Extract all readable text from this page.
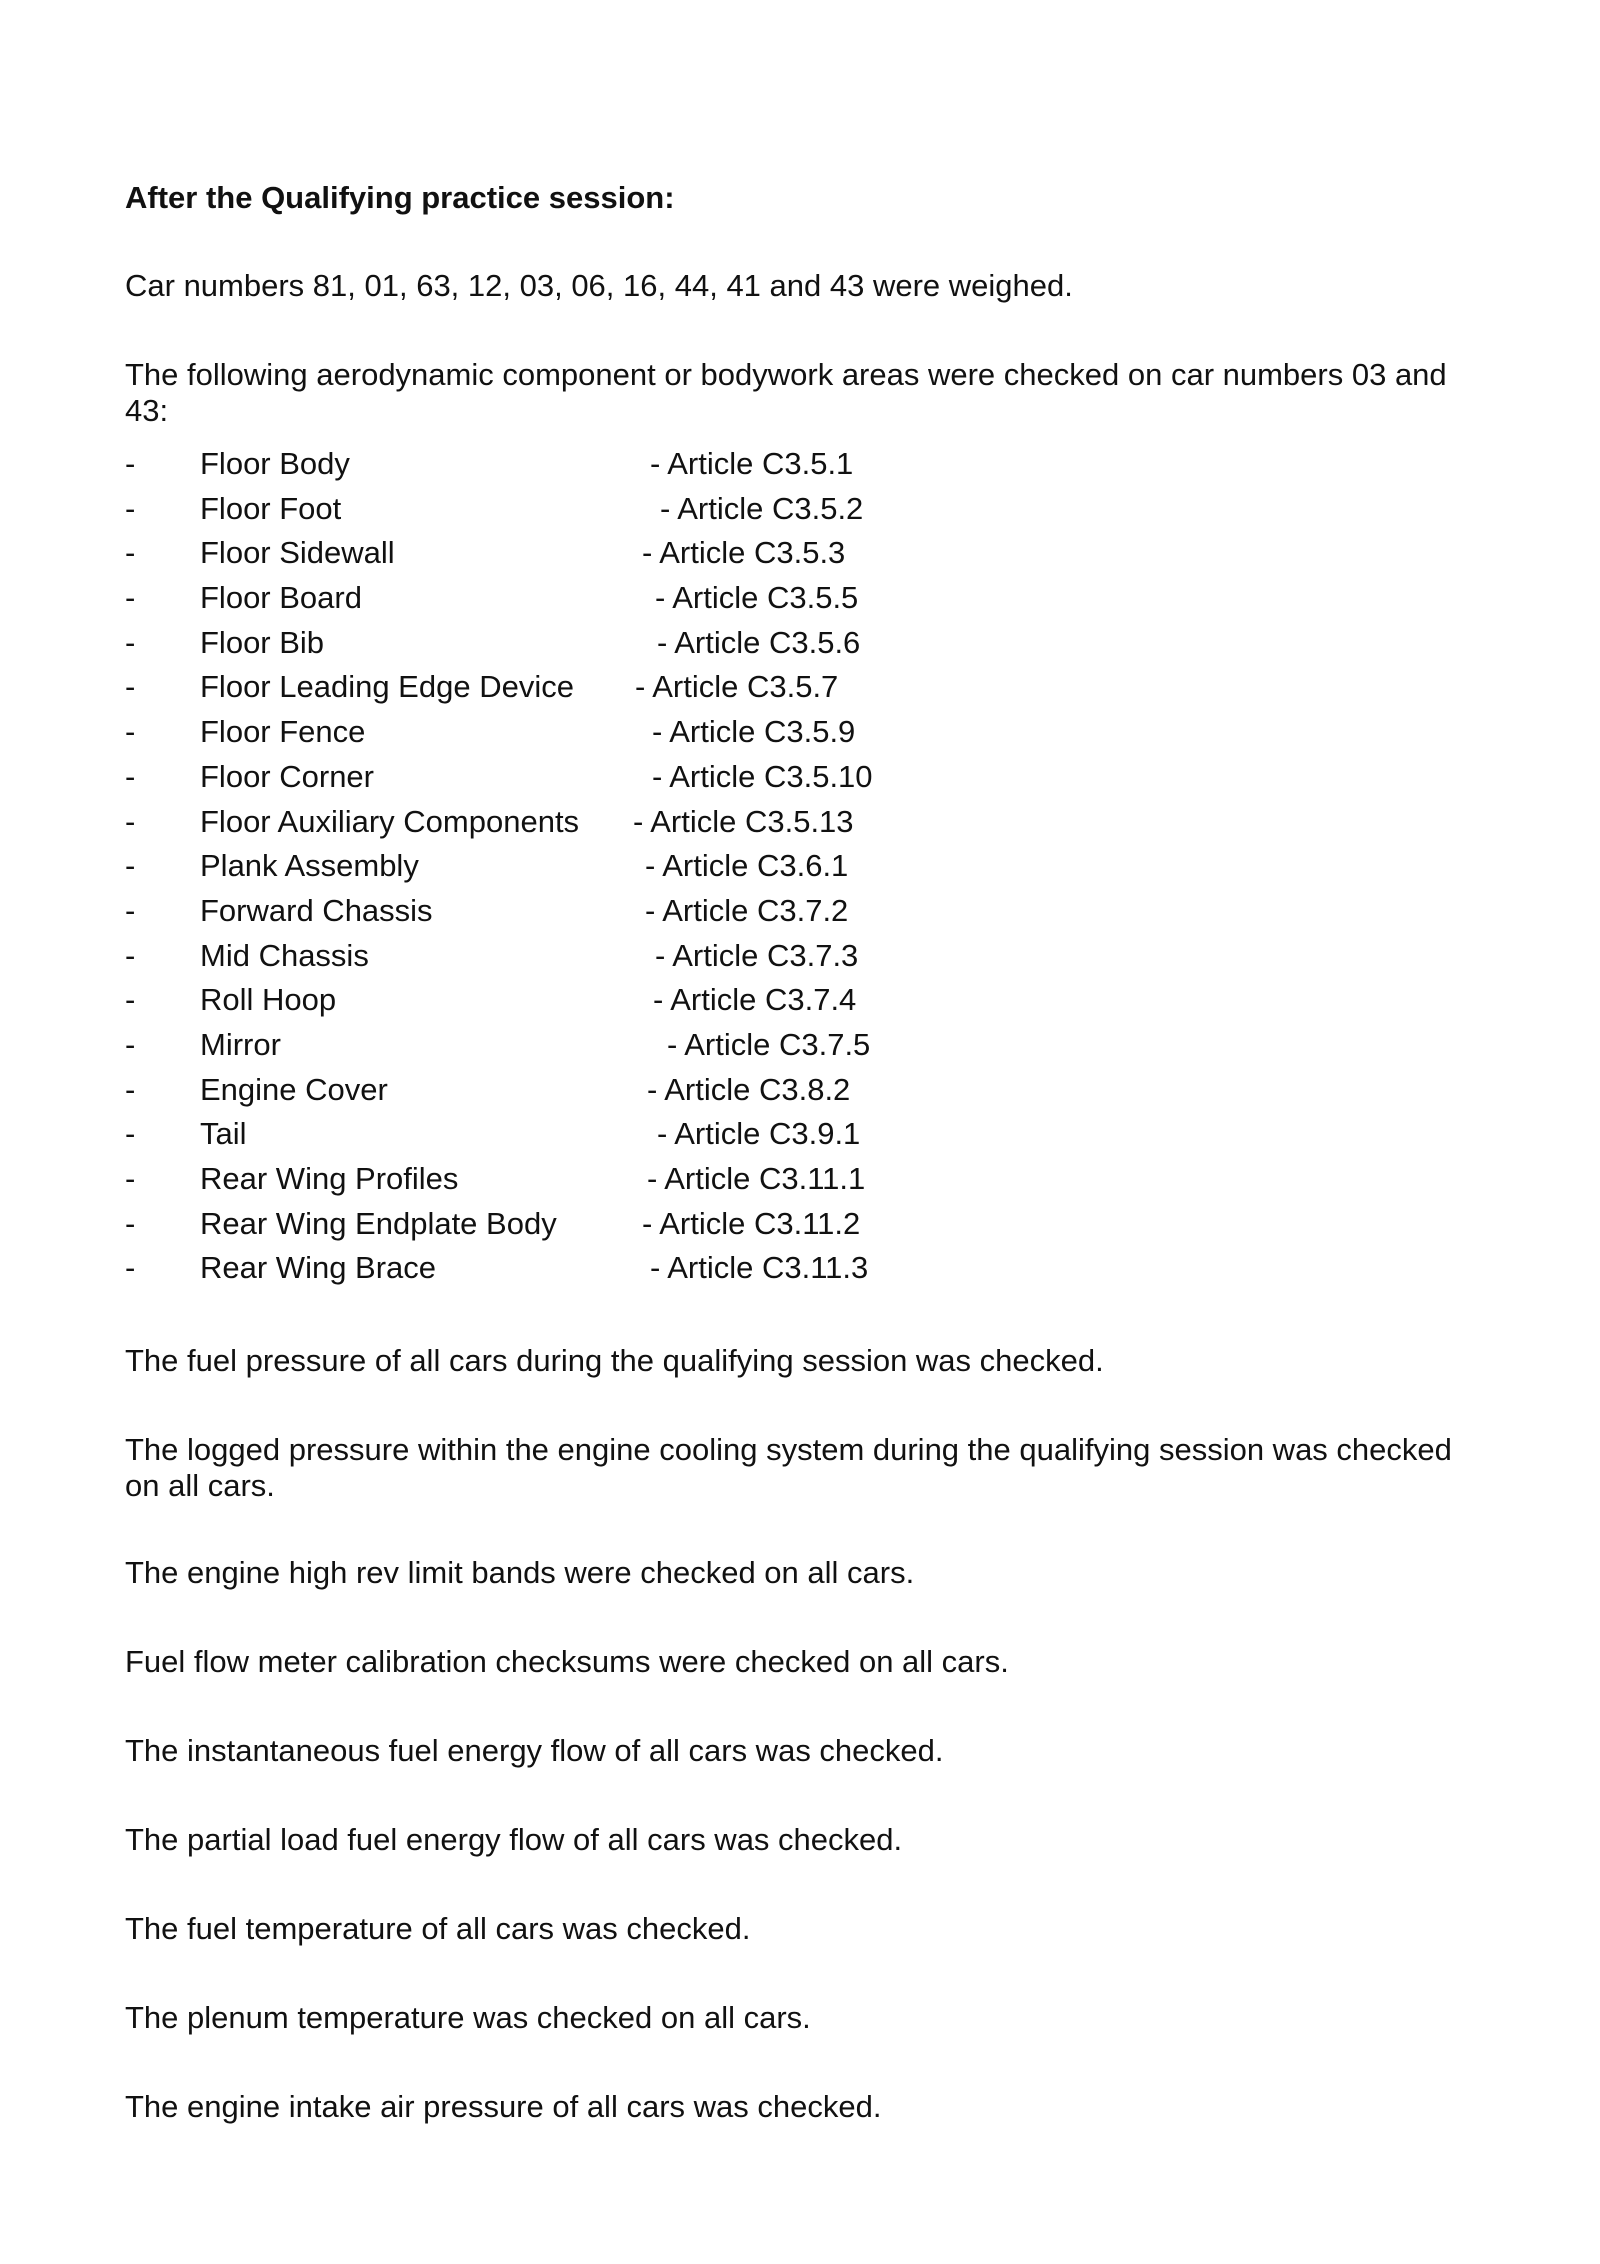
After the Qualifying practice session:

Car numbers 81, 01, 63, 12, 03, 06, 16, 44, 41 and 43 were weighed.

The following aerodynamic component or bodywork areas were checked on car numbers 03 and 43:

- Floor Body	- Article C3.5.1
- Floor Foot	- Article C3.5.2
- Floor Sidewall	- Article C3.5.3
- Floor Board	- Article C3.5.5
- Floor Bib	- Article C3.5.6
- Floor Leading Edge Device - Article C3.5.7
- Floor Fence	- Article C3.5.9
- Floor Corner	- Article C3.5.10
- Floor Auxiliary Components - Article C3.5.13
- Plank Assembly	- Article C3.6.1
- Forward Chassis	- Article C3.7.2
- Mid Chassis	- Article C3.7.3
- Roll Hoop	- Article C3.7.4
- Mirror	- Article C3.7.5
- Engine Cover	- Article C3.8.2
- Tail	- Article C3.9.1
- Rear Wing Profiles	- Article C3.11.1
- Rear Wing Endplate Body	- Article C3.11.2
- Rear Wing Brace	- Article C3.11.3

The fuel pressure of all cars during the qualifying session was checked.

The logged pressure within the engine cooling system during the qualifying session was checked on all cars.

The engine high rev limit bands were checked on all cars.

Fuel flow meter calibration checksums were checked on all cars.

The instantaneous fuel energy flow of all cars was checked.

The partial load fuel energy flow of all cars was checked.

The fuel temperature of all cars was checked.

The plenum temperature was checked on all cars.

The engine intake air pressure of all cars was checked.
